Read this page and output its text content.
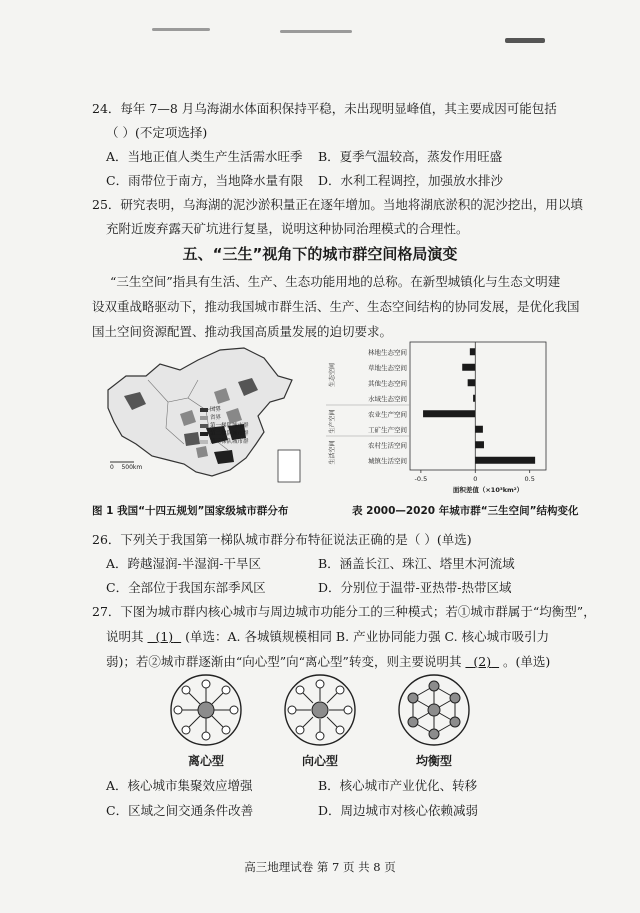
24．每年 7—8 月乌海湖水体面积保持平稳，未出现明显峰值，其主要成因可能包括
（ ）(不定项选择)
A．当地正值人类生产生活需水旺季 B．夏季气温较高，蒸发作用旺盛
C．雨带位于南方，当地降水量有限 D．水利工程调控，加强放水排沙
25．研究表明，乌海湖的泥沙淤积量正在逐年增加。当地将湖底淤积的泥沙挖出，用以填
充附近废弃露天矿坑进行复垦，说明这种协同治理模式的合理性。
五、“三生”视角下的城市群空间格局演变
“三生空间”指具有生活、生产、生态功能用地的总称。在新型城镇化与生态文明建
设双重战略驱动下，推动我国城市群生活、生产、生态空间结构的协同发展，是优化我国
国土空间资源配置、推动我国高质量发展的迫切要求。
0    500km
国界
省界
第一梯队城市群
第二梯队城市群
第三梯队城市群
图 1 我国“十四五规划”国家级城市群分布
生态空间
生产空间
生活空间
林地生态空间
草地生态空间
其他生态空间
水域生态空间
农业生产空间
工矿生产空间
农村生活空间
城镇生活空间
-0.5	0	0.5
面积差值（×10³km²）
表 2000—2020 年城市群“三生空间”结构变化
26．下列关于我国第一梯队城市群分布特征说法正确的是（ ）(单选)
A．跨越湿润-半湿润-干旱区	B．涵盖长江、珠江、塔里木河流域
C．全部位于我国东部季风区	D．分别位于温带-亚热带-热带区域
27．下图为城市群内核心城市与周边城市功能分工的三种模式；若①城市群属于“均衡型”，
说明其 (1) (单选：A. 各城镇规模相同 B. 产业协同能力强 C. 核心城市吸引力
弱)；若②城市群逐渐由“向心型”向“离心型”转变，则主要说明其 (2) 。(单选)
离心型	向心型	均衡型
A．核心城市集聚效应增强	B．核心城市产业优化、转移
C．区域之间交通条件改善	D．周边城市对核心依赖减弱
高三地理试卷 第 7 页 共 8 页
